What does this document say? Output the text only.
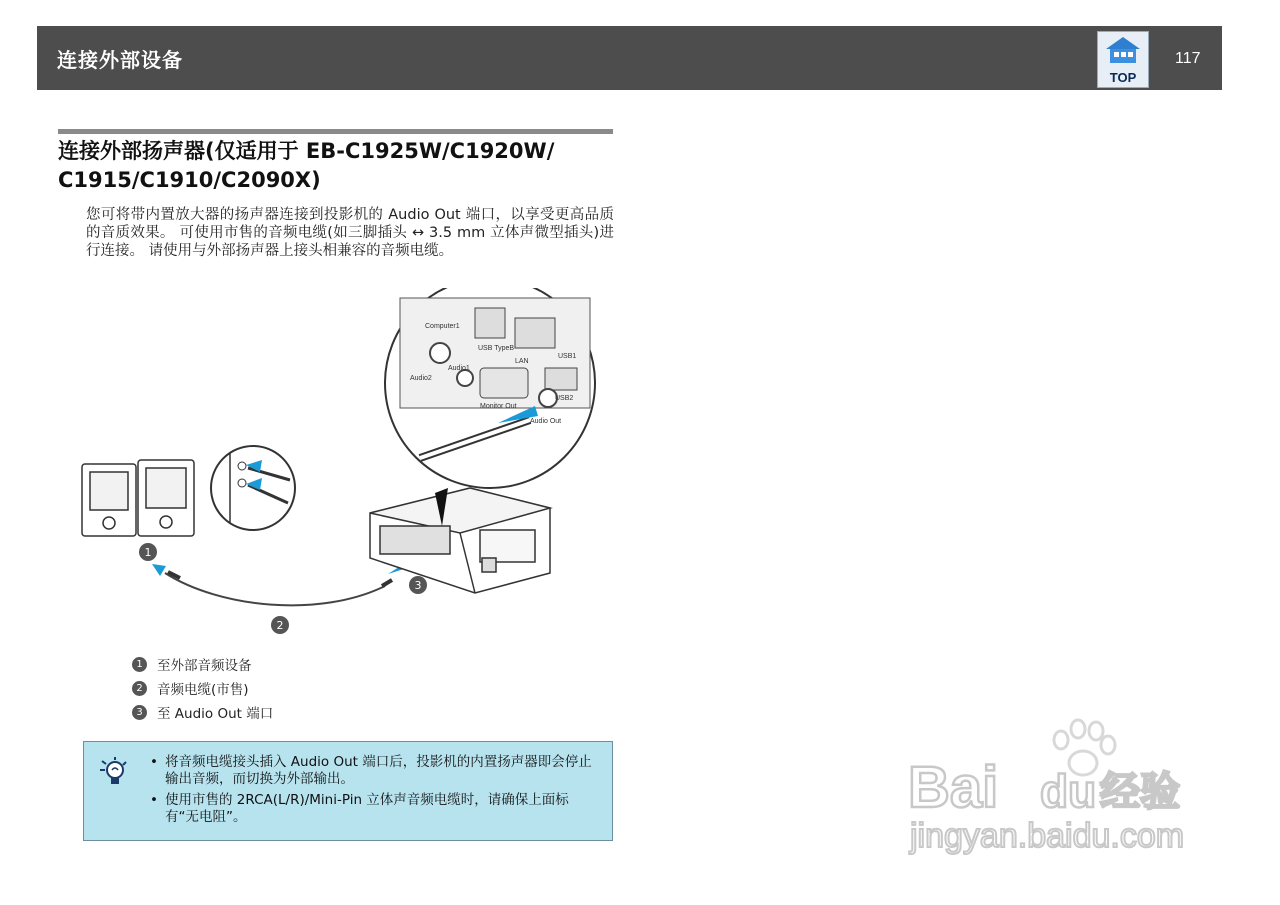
连接外部设备
TOP
117
连接外部扬声器(仅适用于 EB-C1925W/C1920W/ C1915/C1910/C2090X)
您可将带内置放大器的扬声器连接到投影机的 Audio Out 端口，以享受更高品质的音质效果。 可使用市售的音频电缆(如三脚插头 ↔ 3.5 mm 立体声微型插头)进行连接。 请使用与外部扬声器上接头相兼容的音频电缆。
Computer1
USB TypeB
LAN
USB1
Audio1
Audio2
Monitor Out
USB2
Audio Out
1
2
3
1	至外部音频设备
2	音频电缆(市售)
3	至 Audio Out 端口
• 将音频电缆接头插入 Audio Out 端口后，投影机的内置扬声器即会停止输出音频，而切换为外部输出。
• 使用市售的 2RCA(L/R)/Mini-Pin 立体声音频电缆时，请确保上面标有“无电阻”。	Bai du 经验
jingyan.baidu.com
